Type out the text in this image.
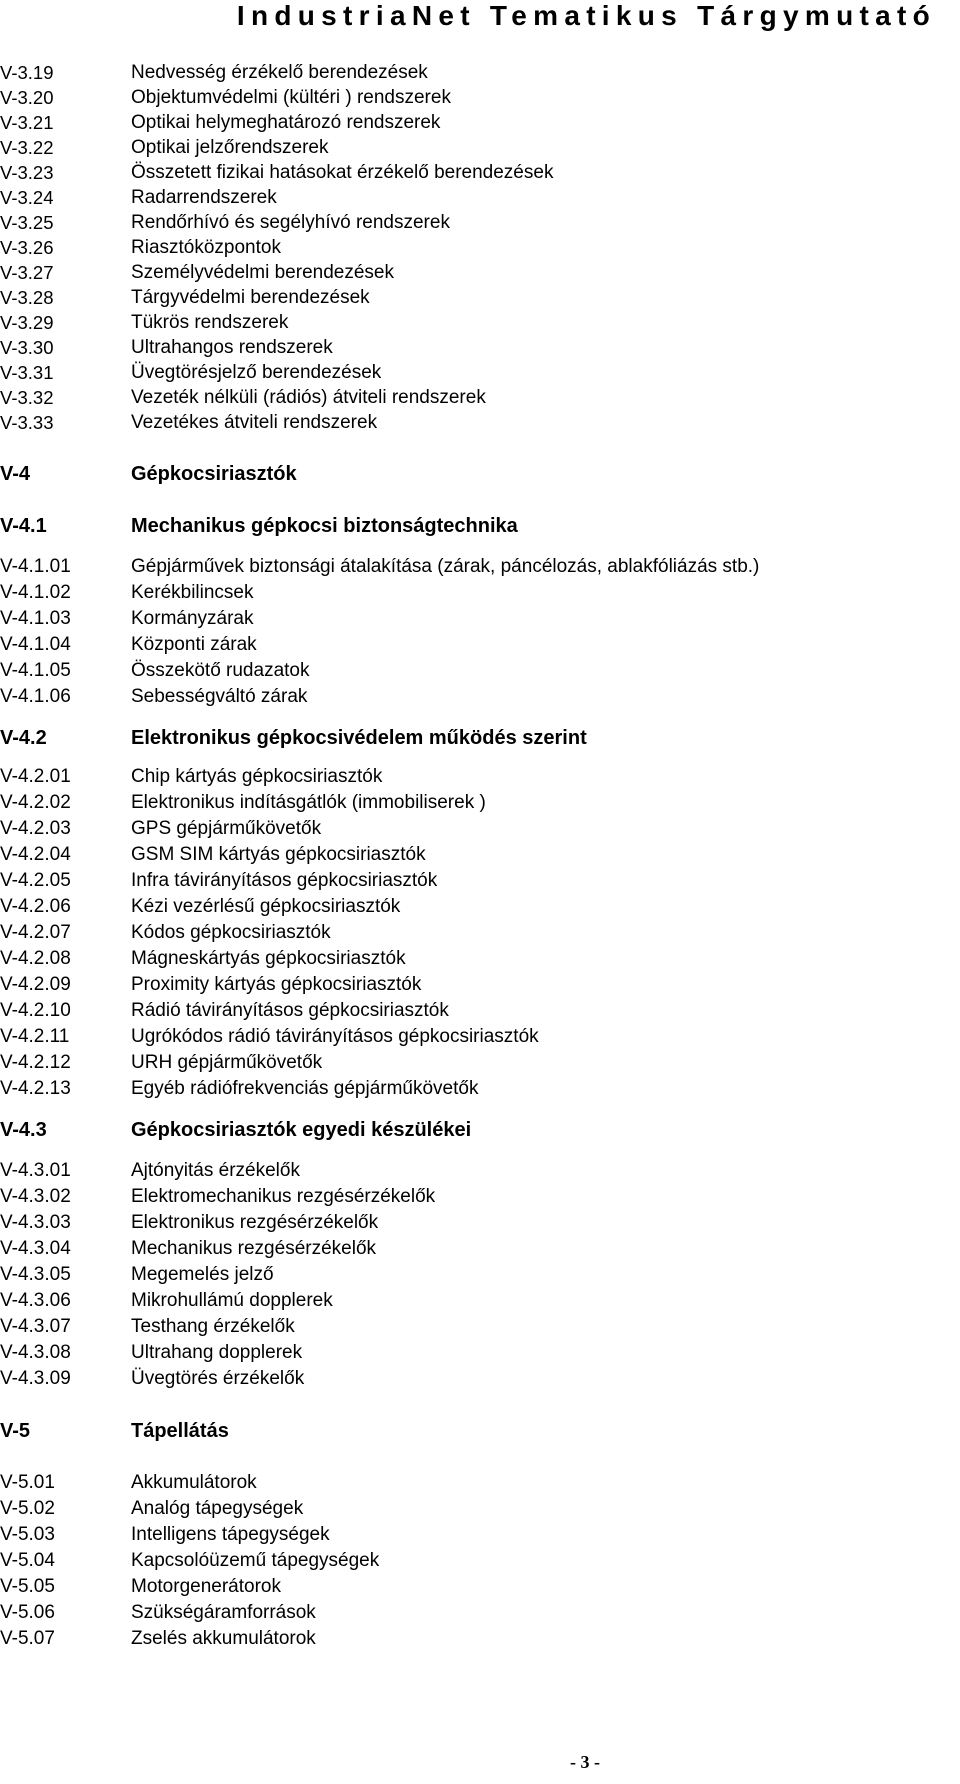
IndustriaNet Tematikus Tárgymutató
V-3.19	Nedvesség érzékelő berendezések
V-3.20	Objektumvédelmi (kültéri ) rendszerek
V-3.21	Optikai helymeghatározó rendszerek
V-3.22	Optikai jelzőrendszerek
V-3.23	Összetett fizikai hatásokat érzékelő berendezések
V-3.24	Radarrendszerek
V-3.25	Rendőrhívó és segélyhívó rendszerek
V-3.26	Riasztóközpontok
V-3.27	Személyvédelmi berendezések
V-3.28	Tárgyvédelmi berendezések
V-3.29	Tükrös rendszerek
V-3.30	Ultrahangos rendszerek
V-3.31	Üvegtörésjelző berendezések
V-3.32	Vezeték nélküli (rádiós) átviteli rendszerek
V-3.33	Vezetékes átviteli rendszerek
V-4	Gépkocsiriasztók
V-4.1	Mechanikus gépkocsi biztonságtechnika
V-4.1.01	Gépjárművek biztonsági átalakítása (zárak, páncélozás, ablakfóliázás stb.)
V-4.1.02	Kerékbilincsek
V-4.1.03	Kormányzárak
V-4.1.04	Központi zárak
V-4.1.05	Összekötő rudazatok
V-4.1.06	Sebességváltó zárak
V-4.2	Elektronikus gépkocsivédelem működés szerint
V-4.2.01	Chip kártyás gépkocsiriasztók
V-4.2.02	Elektronikus indításgátlók (immobiliserek )
V-4.2.03	GPS gépjárműkövetők
V-4.2.04	GSM SIM kártyás gépkocsiriasztók
V-4.2.05	Infra távirányításos gépkocsiriasztók
V-4.2.06	Kézi vezérlésű gépkocsiriasztók
V-4.2.07	Kódos gépkocsiriasztók
V-4.2.08	Mágneskártyás gépkocsiriasztók
V-4.2.09	Proximity kártyás gépkocsiriasztók
V-4.2.10	Rádió távirányításos gépkocsiriasztók
V-4.2.11	Ugrókódos rádió távirányításos gépkocsiriasztók
V-4.2.12	URH gépjárműkövetők
V-4.2.13	Egyéb rádiófrekvenciás gépjárműkövetők
V-4.3	Gépkocsiriasztók egyedi készülékei
V-4.3.01	Ajtónyitás érzékelők
V-4.3.02	Elektromechanikus rezgésérzékelők
V-4.3.03	Elektronikus rezgésérzékelők
V-4.3.04	Mechanikus rezgésérzékelők
V-4.3.05	Megemelés jelző
V-4.3.06	Mikrohullámú dopplerek
V-4.3.07	Testhang érzékelők
V-4.3.08	Ultrahang dopplerek
V-4.3.09	Üvegtörés érzékelők
V-5	Tápellátás
V-5.01	Akkumulátorok
V-5.02	Analóg tápegységek
V-5.03	Intelligens tápegységek
V-5.04	Kapcsolóüzemű tápegységek
V-5.05	Motorgenerátorok
V-5.06	Szükségáramforrások
V-5.07	Zselés akkumulátorok
- 3 -
